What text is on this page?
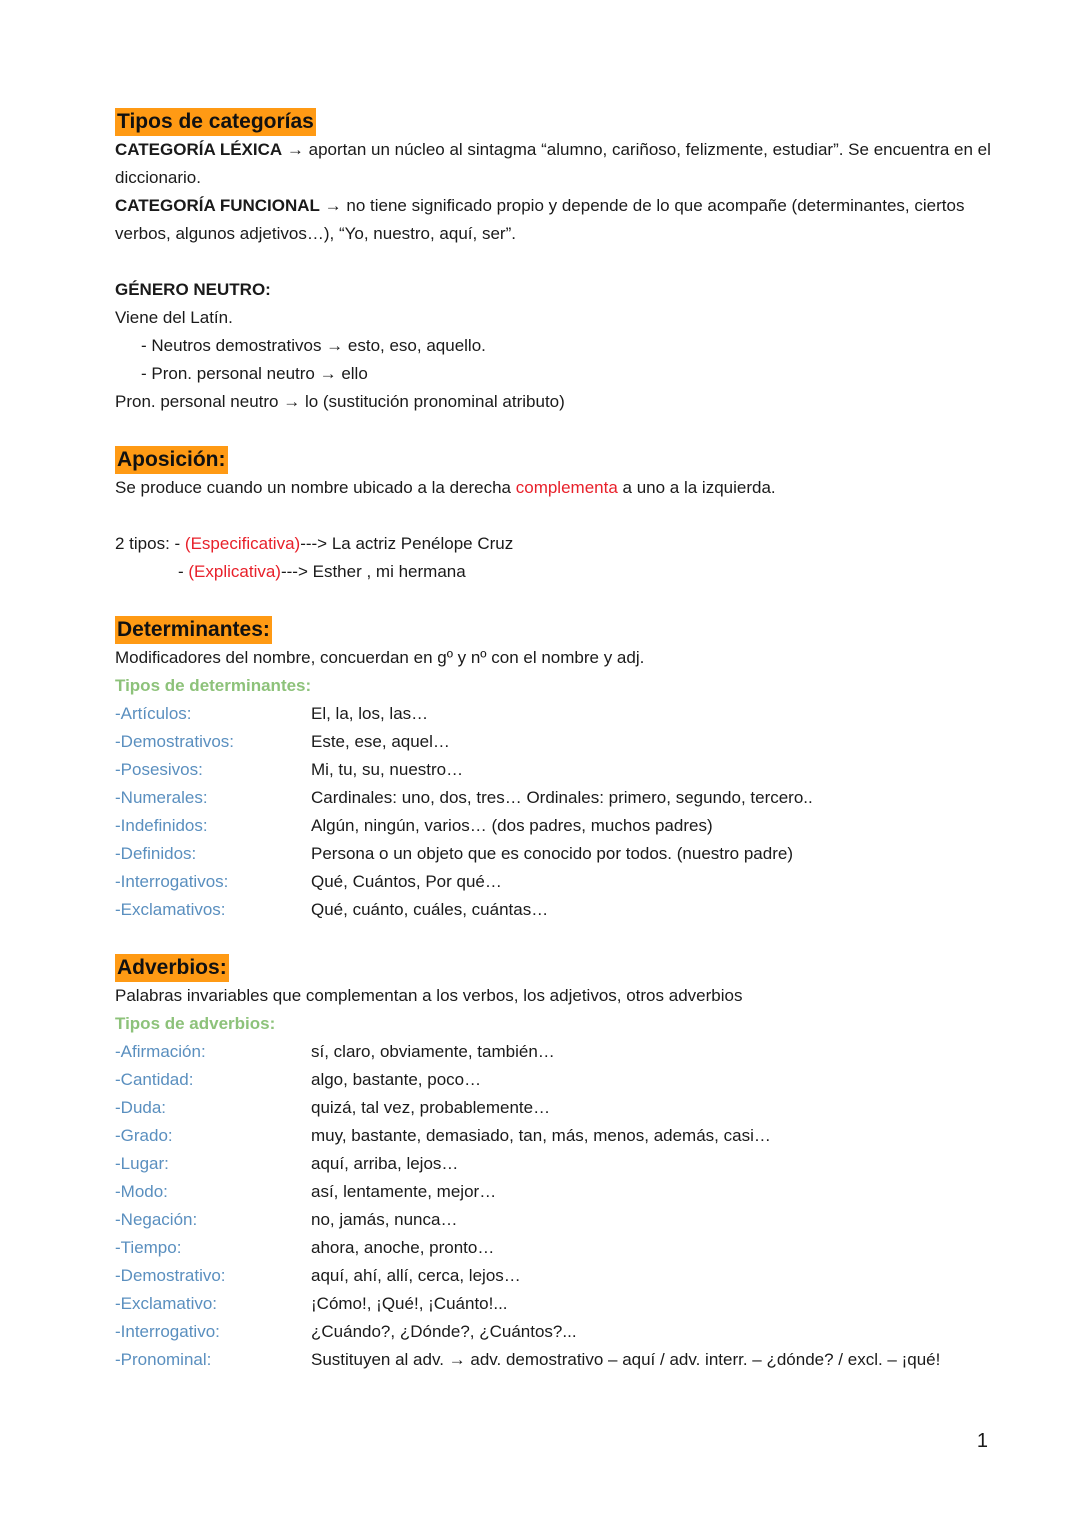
Tipos de categorías
CATEGORÍA LÉXICA → aportan un núcleo al sintagma “alumno, cariñoso, felizmente, estudiar”. Se encuentra en el diccionario.
CATEGORÍA FUNCIONAL → no tiene significado propio y depende de lo que acompañe (determinantes, ciertos verbos, algunos adjetivos…), “Yo, nuestro, aquí, ser”.
GÉNERO NEUTRO:
Viene del Latín.
- Neutros demostrativos → esto, eso, aquello.
- Pron. personal neutro → ello
Pron. personal neutro → lo (sustitución pronominal atributo)
Aposición:
Se produce cuando un nombre ubicado a la derecha complementa a uno a la izquierda.
2 tipos: - (Especificativa)---> La actriz Penélope Cruz
- (Explicativa)---> Esther , mi hermana
Determinantes:
Modificadores del nombre, concuerdan en gº y nº con el nombre y adj.
Tipos de determinantes:
-Artículos:	El, la, los, las…
-Demostrativos:	Este, ese, aquel…
-Posesivos:	Mi, tu, su, nuestro…
-Numerales:	Cardinales: uno, dos, tres… Ordinales: primero, segundo, tercero..
-Indefinidos:	Algún, ningún, varios… (dos padres, muchos padres)
-Definidos:	Persona o un objeto que es conocido por todos. (nuestro padre)
-Interrogativos:	Qué, Cuántos, Por qué…
-Exclamativos:	Qué, cuánto, cuáles, cuántas…
Adverbios:
Palabras invariables que complementan a los verbos, los adjetivos, otros adverbios
Tipos de adverbios:
-Afirmación:	sí, claro, obviamente, también…
-Cantidad:	algo, bastante, poco…
-Duda:	quizá, tal vez, probablemente…
-Grado:	muy, bastante, demasiado, tan, más, menos, además, casi…
-Lugar:	aquí, arriba, lejos…
-Modo:	así, lentamente, mejor…
-Negación:	no, jamás, nunca…
-Tiempo:	ahora, anoche, pronto…
-Demostrativo:	aquí, ahí, allí, cerca, lejos…
-Exclamativo:	¡Cómo!, ¡Qué!, ¡Cuánto!...
-Interrogativo:	¿Cuándo?, ¿Dónde?, ¿Cuántos?...
-Pronominal:	Sustituyen al adv. → adv. demostrativo – aquí / adv. interr. – ¿dónde? / excl. – ¡qué!
1
